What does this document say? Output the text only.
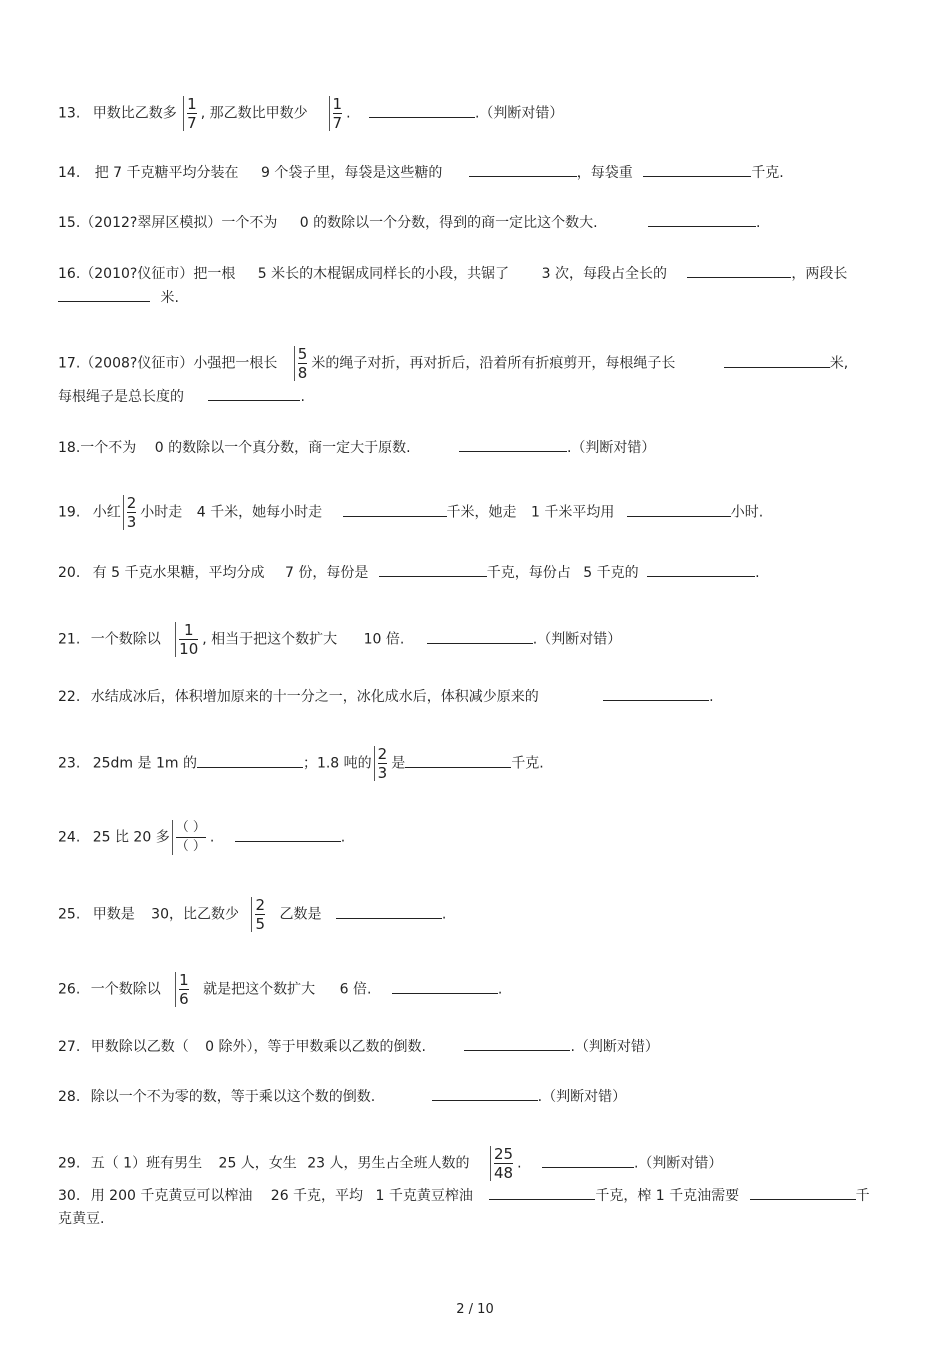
13. 甲数比乙数多 $\frac{1}{7}$ , 那乙数比甲数少 $\frac{1}{7}$ .	.（判断对错）
14. 把 7 千克糖平均分装在 9 个袋子里，每袋是这些糖的	，每袋重	千克.
15.（2012?翠屏区模拟）一个不为 0 的数除以一个分数，得到的商一定比这个数大.	.
16.（2010?仪征市）把一根 5 米长的木棍锯成同样长的小段，共锯了 3 次，每段占全长的	，两段长
米.
17.（2008?仪征市）小强把一根长 $\frac{5}{8}$ 米的绳子对折，再对折后，沿着所有折痕剪开，每根绳子长	米,
每根绳子是总长度的	.
18.一个不为 0 的数除以一个真分数，商一定大于原数.	.（判断对错）
19. 小红 $\frac{2}{3}$ 小时走 4 千米，她每小时走	千米，她走 1 千米平均用	小时.
20. 有 5 千克水果糖，平均分成 7 份，每份是	千克，每份占 5 千克的	.
21. 一个数除以 $\frac{1}{10}$ , 相当于把这个数扩大 10 倍.	.（判断对错）
22. 水结成冰后，体积增加原来的十一分之一，冰化成水后，体积减少原来的	.
23. 25dm 是 1m 的	；1.8 吨的 $\frac{2}{3}$ 是	千克.
24. 25 比 20 多 $\frac{( )}{( )}$ .	.
25. 甲数是 30，比乙数少 $\frac{2}{5}$ 乙数是	.
26. 一个数除以 $\frac{1}{6}$ 就是把这个数扩大 6 倍.	.
27. 甲数除以乙数（ 0 除外），等于甲数乘以乙数的倒数.	.（判断对错）
28. 除以一个不为零的数，等于乘以这个数的倒数.	.（判断对错）
29. 五（ 1）班有男生 25 人，女生 23 人，男生占全班人数的 $\frac{25}{48}$ .	.（判断对错）
30. 用 200 千克黄豆可以榨油 26 千克，平均 1 千克黄豆榨油	千克，榨 1 千克油需要	千
克黄豆.
2 / 10
